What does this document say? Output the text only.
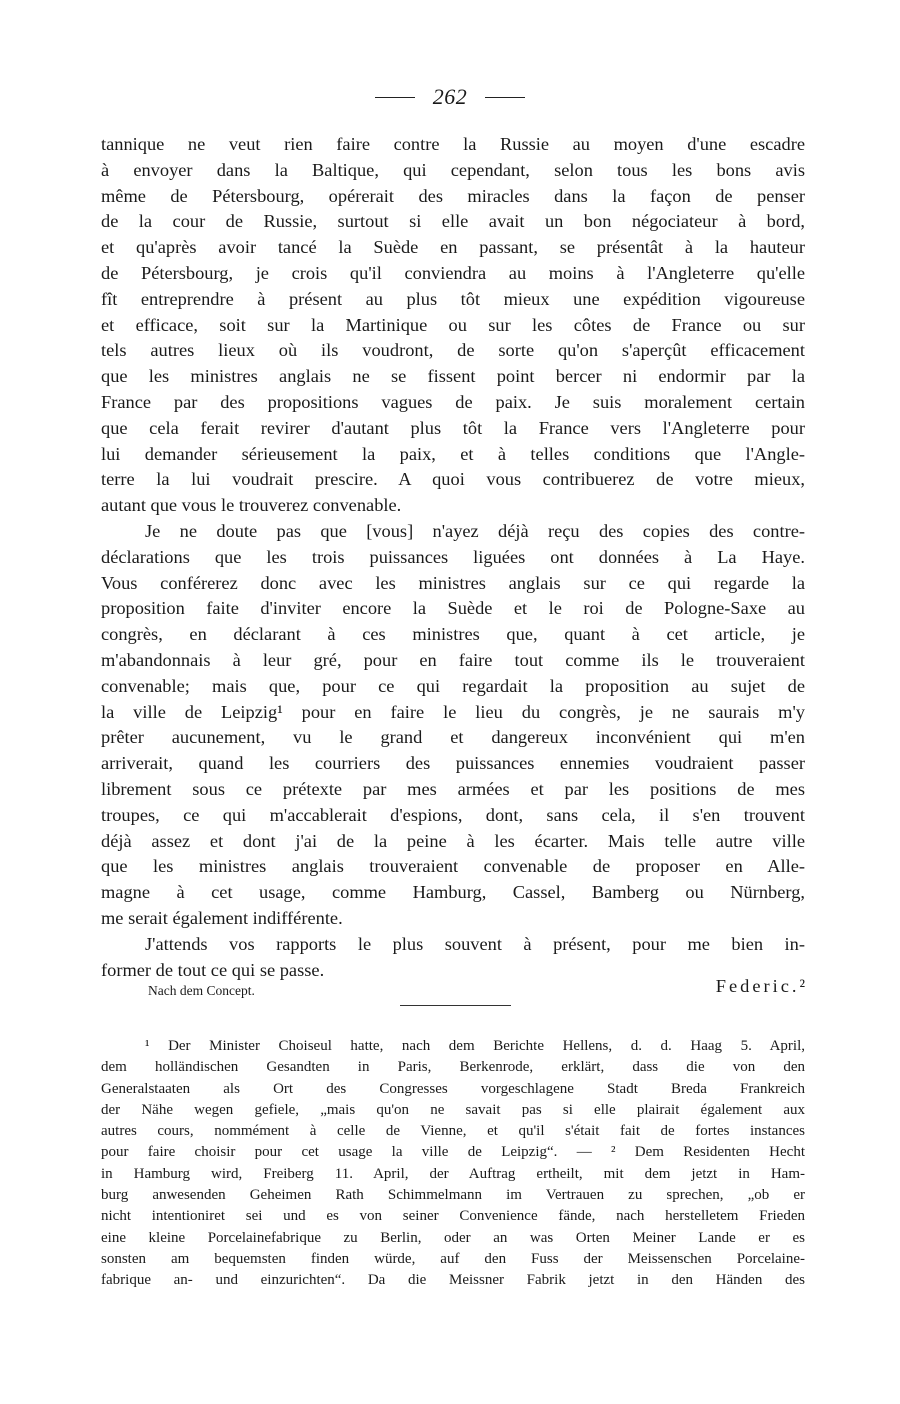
262
tannique ne veut rien faire contre la Russie au moyen d'une escadre
à envoyer dans la Baltique, qui cependant, selon tous les bons avis
même de Pétersbourg, opérerait des miracles dans la façon de penser
de la cour de Russie, surtout si elle avait un bon négociateur à bord,
et qu'après avoir tancé la Suède en passant, se présentât à la hauteur
de Pétersbourg, je crois qu'il conviendra au moins à l'Angleterre qu'elle
fît entreprendre à présent au plus tôt mieux une expédition vigoureuse
et efficace, soit sur la Martinique ou sur les côtes de France ou sur
tels autres lieux où ils voudront, de sorte qu'on s'aperçût efficacement
que les ministres anglais ne se fissent point bercer ni endormir par la
France par des propositions vagues de paix. Je suis moralement certain
que cela ferait revirer d'autant plus tôt la France vers l'Angleterre pour
lui demander sérieusement la paix, et à telles conditions que l'Angle-
terre la lui voudrait prescire. A quoi vous contribuerez de votre mieux,
autant que vous le trouverez convenable.
Je ne doute pas que [vous] n'ayez déjà reçu des copies des contre-
déclarations que les trois puissances liguées ont données à La Haye.
Vous conférerez donc avec les ministres anglais sur ce qui regarde la
proposition faite d'inviter encore la Suède et le roi de Pologne-Saxe au
congrès, en déclarant à ces ministres que, quant à cet article, je
m'abandonnais à leur gré, pour en faire tout comme ils le trouveraient
convenable; mais que, pour ce qui regardait la proposition au sujet de
la ville de Leipzig¹ pour en faire le lieu du congrès, je ne saurais m'y
prêter aucunement, vu le grand et dangereux inconvénient qui m'en
arriverait, quand les courriers des puissances ennemies voudraient passer
librement sous ce prétexte par mes armées et par les positions de mes
troupes, ce qui m'accablerait d'espions, dont, sans cela, il s'en trouvent
déjà assez et dont j'ai de la peine à les écarter. Mais telle autre ville
que les ministres anglais trouveraient convenable de proposer en Alle-
magne à cet usage, comme Hamburg, Cassel, Bamberg ou Nürnberg,
me serait également indifférente.
J'attends vos rapports le plus souvent à présent, pour me bien in-
former de tout ce qui se passe.
Nach dem Concept.	Federic.²
¹ Der Minister Choiseul hatte, nach dem Berichte Hellens, d. d. Haag 5. April,
dem holländischen Gesandten in Paris, Berkenrode, erklärt, dass die von den
Generalstaaten als Ort des Congresses vorgeschlagene Stadt Breda Frankreich
der Nähe wegen gefiele, „mais qu'on ne savait pas si elle plairait également aux
autres cours, nommément à celle de Vienne, et qu'il s'était fait de fortes instances
pour faire choisir pour cet usage la ville de Leipzig“. — ² Dem Residenten Hecht
in Hamburg wird, Freiberg 11. April, der Auftrag ertheilt, mit dem jetzt in Ham-
burg anwesenden Geheimen Rath Schimmelmann im Vertrauen zu sprechen, „ob er
nicht intentioniret sei und es von seiner Convenience fände, nach herstelletem Frieden
eine kleine Porcelainefabrique zu Berlin, oder an was Orten Meiner Lande er es
sonsten am bequemsten finden würde, auf den Fuss der Meissenschen Porcelaine-
fabrique an- und einzurichten“. Da die Meissner Fabrik jetzt in den Händen des
